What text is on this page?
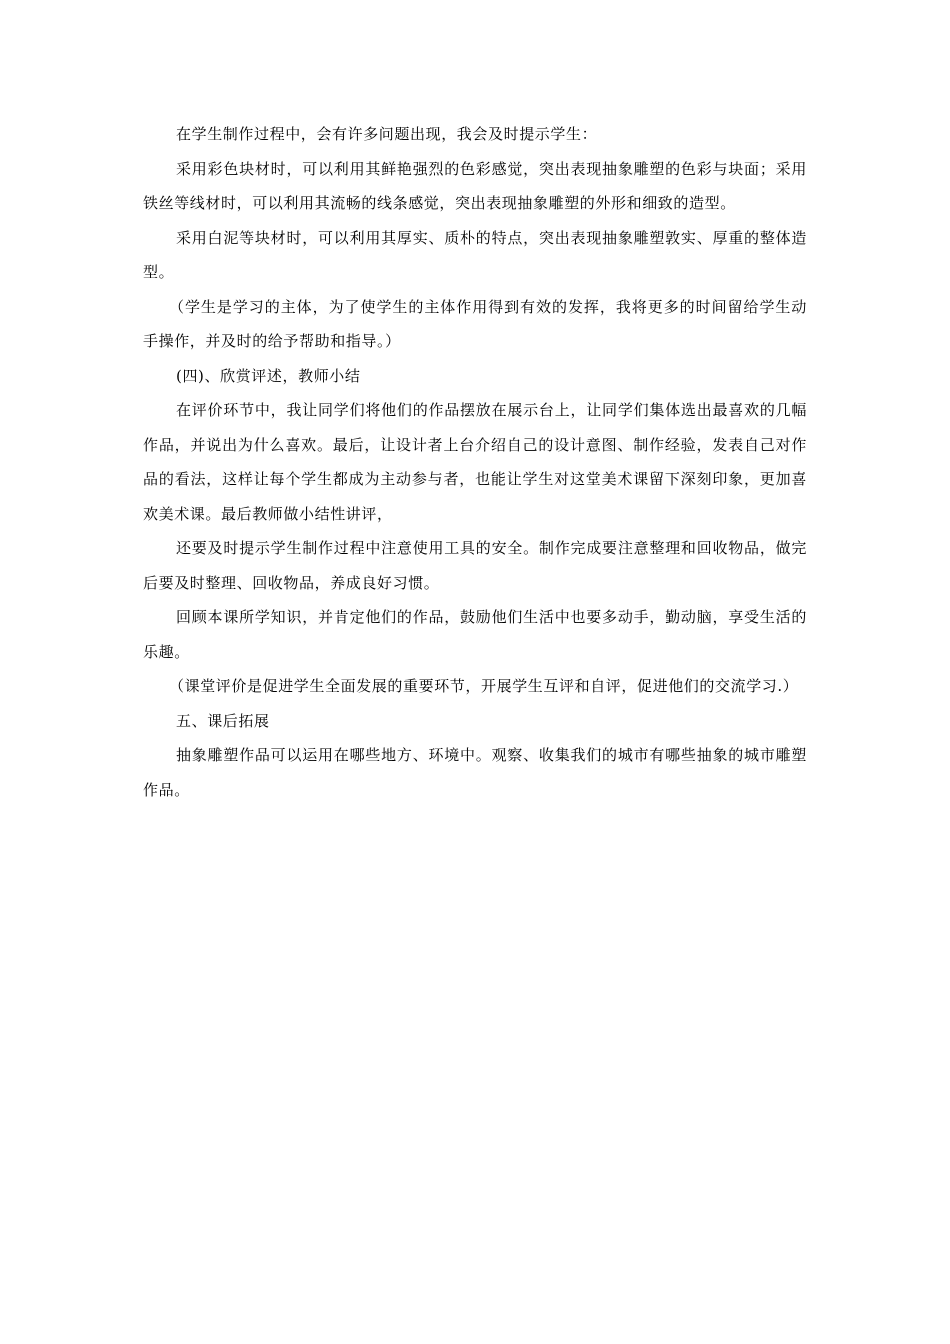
在学生制作过程中，会有许多问题出现，我会及时提示学生：

采用彩色块材时，可以利用其鲜艳强烈的色彩感觉，突出表现抽象雕塑的色彩与块面；采用铁丝等线材时，可以利用其流畅的线条感觉，突出表现抽象雕塑的外形和细致的造型。

采用白泥等块材时，可以利用其厚实、质朴的特点，突出表现抽象雕塑敦实、厚重的整体造型。

（学生是学习的主体，为了使学生的主体作用得到有效的发挥，我将更多的时间留给学生动手操作，并及时的给予帮助和指导。）

(四)、欣赏评述，教师小结

在评价环节中，我让同学们将他们的作品摆放在展示台上，让同学们集体选出最喜欢的几幅作品，并说出为什么喜欢。最后，让设计者上台介绍自己的设计意图、制作经验，发表自己对作品的看法，这样让每个学生都成为主动参与者，也能让学生对这堂美术课留下深刻印象，更加喜欢美术课。最后教师做小结性讲评，

还要及时提示学生制作过程中注意使用工具的安全。制作完成要注意整理和回收物品，做完后要及时整理、回收物品，养成良好习惯。

回顾本课所学知识，并肯定他们的作品，鼓励他们生活中也要多动手，勤动脑，享受生活的乐趣。

（课堂评价是促进学生全面发展的重要环节，开展学生互评和自评，促进他们的交流学习.）

五、课后拓展

抽象雕塑作品可以运用在哪些地方、环境中。观察、收集我们的城市有哪些抽象的城市雕塑作品。
